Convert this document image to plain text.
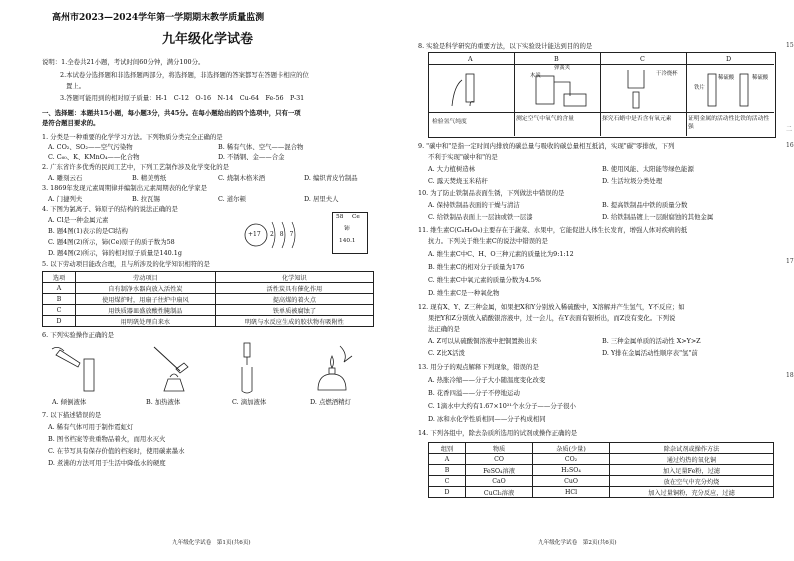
高州市2023—2024学年第一学期期末教学质量监测
九年级化学试卷
说明：1.全卷共21小题，考试时间60分钟，满分100分。
2.本试卷分选择题和非选择题两部分，将选择题，非选择题的答案都写在答题卡相应的位
置上。
3.答题可能用到的相对原子质量：H-1　C-12　O-16　N-14　Cu-64　Fe-56　P-31
一、选择题：本题共15小题，每小题3分，共45分。在每小题给出的四个选项中，只有一项
是符合题目要求的。
1. 分类是一种重要的化学学习方法。下列物质分类完全正确的是
A. CO₂、SO₂——空气污染物	B. 稀有气体、空气——混合物
C. C₆₀、K、KMnO₄——化合物	D. 不锈钢、金——合金
2. 广东省许多优秀的民间工艺中，下列工艺制作涉及化学变化的是
A. 雕刻云石	B. 精美剪纸	C. 烧制木格米酒	D. 编织青皮竹制品
3. 1869年发现元素周期律并编制出元素周期表的化学家是
A. 门捷列夫	B. 拉瓦锡	C. 道尔顿	D. 居里夫人
4. 下图为氯离子、铈原子的结构的说法正确的是
A. Cl是一种金属元素
B. 题4图(1)表示的是Cl结构
C. 题4图(2)所示，铈(Ce)原子的质子数为58
D. 题4图(2)所示，铈的相对原子质量是140.1g
+17 2 8 7
58 Ce
铈
140.1
5. 以下劳动项目能改合理，且与所涉及的化学知识相符的是
选项	劳动项目	化学知识
A	自有制净水器向放入活性炭	活性炭具有催化作用
B	使用煤炉时，用扇子往炉中扇风	提高煤的着火点
C	用铁质器皿盛放酸性腌制品	铁单质被腐蚀了
D	用明矾处理自来水	明矾与水反应生成的胶状物有吸附性
6. 下列实验操作正确的是
A. 倾倒液体	B. 加热液体	C. 滴加液体	D. 点燃酒精灯
7. 以下描述错误的是
A. 稀有气体可用于制作霓虹灯
B. 图书档案等贵重物品着火，而用水灭火
C. 在节写具有保存价值的档案时，使用碳素墨水
D. 煮沸的方法可用于生活中降低水的硬度
九年级化学试卷　第1页(共6页)
8. 实验是科学研究的重要方法，以下实验设计能达到目的的是
A	B	C	D
木炭
弹簧夹
干冷烧杯
铁片
稀硫酸	稀硫酸
检验氢气纯度	测定空气中氧气的含量	探究石蜡中是否含有氧元素	证明金属的活动性比铁的活动性强
9. "碳中和"是指一定时间内排放的碳总量与吸收的碳总量相互抵消，实现"碳"零排放，下列
不利于实现"碳中和"的是
A. 大力植树造林	B. 使用风能、太阳能等绿色能源
C. 露天焚烧玉米秸秆	D. 生活垃圾分类处理
10. 为了防止铁制品表面生锈，下列做法中错误的是
A. 保持铁制品表面的干燥与清洁	B. 提高铁制品中铁的质量分数
C. 给铁制品表面上一层油或铁一层漆	D. 给铁制品镀上一层耐腐蚀的其他金属
11. 维生素C(C₆H₈O₆)主要存在于蔬菜、水果中，它能促进人体生长发育，增强人体对疾病的抵
抗力。下列关于维生素C的说法中错误的是
A. 维生素C中C、H、O三种元素的质量比为9:1:12
B. 维生素C的相对分子质量为176
C. 维生素C中氧元素的质量分数为4.5%
D. 维生素C是一种氧化物
12. 现有X、Y、Z三种金属，如果把X和Y分别放入稀硫酸中，X溶解并产生氢气，Y不反应；如
果把Y和Z分别放入硝酸银溶液中，过一会儿，在Y表面有银析出，而Z没有变化。下列说
法正确的是
A. Z可以从硫酸铜溶液中把铜置换出来	B. 三种金属单质的活动性 X>Y>Z
C. Z比X活泼	D. Y排在金属活动性顺序表"氢"前
13. 用分子的观点解释下列现象，错误的是
A. 热胀冷缩——分子大小随温度变化改变
B. 花香四溢——分子不停地运动
C. 1滴水中大约有1.67×10²¹个水分子——分子很小
D. 冰和水化学性质相同——分子构成相同
14. 下列各组中，除去杂质所选用的试剂或操作正确的是
组别	物质	杂质(少量)	除杂试剂或操作方法
A	CO	CO₂	通过灼热的氧化铜
B	FeSO₄溶液	H₂SO₄	加入足量Fe粉，过滤
C	CaO	CuO	放在空气中充分灼烧
D	CuCl₂溶液	HCl	加入过量铜粉，充分反应，过滤
九年级化学试卷　第2页(共6页)
15
二
16
17
18
